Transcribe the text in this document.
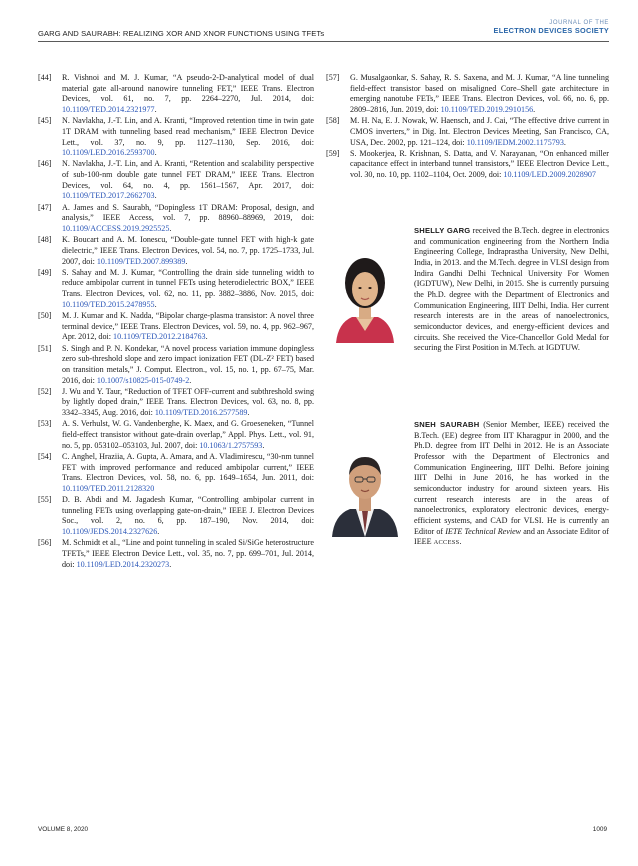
GARG AND SAURABH: REALIZING XOR AND XNOR FUNCTIONS USING TFETs
JOURNAL OF THE
ELECTRON DEVICES SOCIETY
[44] R. Vishnoi and M. J. Kumar, “A pseudo-2-D-analytical model of dual material gate all-around nanowire tunneling FET,” IEEE Trans. Electron Devices, vol. 61, no. 7, pp. 2264–2270, Jul. 2014, doi: 10.1109/TED.2014.2321977.
[45] N. Navlakha, J.-T. Lin, and A. Kranti, “Improved retention time in twin gate 1T DRAM with tunneling based read mechanism,” IEEE Electron Device Lett., vol. 37, no. 9, pp. 1127–1130, Sep. 2016, doi: 10.1109/LED.2016.2593700.
[46] N. Navlakha, J.-T. Lin, and A. Kranti, “Retention and scalability perspective of sub-100-nm double gate tunnel FET DRAM,” IEEE Trans. Electron Devices, vol. 64, no. 4, pp. 1561–1567, Apr. 2017, doi: 10.1109/TED.2017.2662703.
[47] A. James and S. Saurabh, “Dopingless 1T DRAM: Proposal, design, and analysis,” IEEE Access, vol. 7, pp. 88960–88969, 2019, doi: 10.1109/ACCESS.2019.2925525.
[48] K. Boucart and A. M. Ionescu, “Double-gate tunnel FET with high-k gate dielectric,” IEEE Trans. Electron Devices, vol. 54, no. 7, pp. 1725–1733, Jul. 2007, doi: 10.1109/TED.2007.899389.
[49] S. Sahay and M. J. Kumar, “Controlling the drain side tunneling width to reduce ambipolar current in tunnel FETs using heterodielectric BOX,” IEEE Trans. Electron Devices, vol. 62, no. 11, pp. 3882–3886, Nov. 2015, doi: 10.1109/TED.2015.2478955.
[50] M. J. Kumar and K. Nadda, “Bipolar charge-plasma transistor: A novel three terminal device,” IEEE Trans. Electron Devices, vol. 59, no. 4, pp. 962–967, Apr. 2012, doi: 10.1109/TED.2012.2184763.
[51] S. Singh and P. N. Kondekar, “A novel process variation immune dopingless zero sub-threshold slope and zero impact ionization FET (DL-Z² FET) based on transition metals,” J. Comput. Electron., vol. 15, no. 1, pp. 67–75, Mar. 2016, doi: 10.1007/s10825-015-0749-2.
[52] J. Wu and Y. Taur, “Reduction of TFET OFF-current and subthreshold swing by lightly doped drain,” IEEE Trans. Electron Devices, vol. 63, no. 8, pp. 3342–3345, Aug. 2016, doi: 10.1109/TED.2016.2577589.
[53] A. S. Verhulst, W. G. Vandenberghe, K. Maex, and G. Groeseneken, “Tunnel field-effect transistor without gate-drain overlap,” Appl. Phys. Lett., vol. 91, no. 5, pp. 053102–053103, Jul. 2007, doi: 10.1063/1.2757593.
[54] C. Anghel, Hraziia, A. Gupta, A. Amara, and A. Vladimirescu, “30-nm tunnel FET with improved performance and reduced ambipolar current,” IEEE Trans. Electron Devices, vol. 58, no. 6, pp. 1649–1654, Jun. 2011, doi: 10.1109/TED.2011.2128320
[55] D. B. Abdi and M. Jagadesh Kumar, “Controlling ambipolar current in tunneling FETs using overlapping gate-on-drain,” IEEE J. Electron Devices Soc., vol. 2, no. 6, pp. 187–190, Nov. 2014, doi: 10.1109/JEDS.2014.2327626.
[56] M. Schmidt et al., “Line and point tunneling in scaled Si/SiGe heterostructure TFETs,” IEEE Electron Device Lett., vol. 35, no. 7, pp. 699–701, Jul. 2014, doi: 10.1109/LED.2014.2320273.
[57] G. Musalgaonkar, S. Sahay, R. S. Saxena, and M. J. Kumar, “A line tunneling field-effect transistor based on misaligned Core–Shell gate architecture in emerging nanotube FETs,” IEEE Trans. Electron Devices, vol. 66, no. 6, pp. 2809–2816, Jun. 2019, doi: 10.1109/TED.2019.2910156.
[58] M. H. Na, E. J. Nowak, W. Haensch, and J. Cai, “The effective drive current in CMOS inverters,” in Dig. Int. Electron Devices Meeting, San Francisco, CA, USA, Dec. 2002, pp. 121–124, doi: 10.1109/IEDM.2002.1175793.
[59] S. Mookerjea, R. Krishnan, S. Datta, and V. Narayanan, “On enhanced miller capacitance effect in interband tunnel transistors,” IEEE Electron Device Lett., vol. 30, no. 10, pp. 1102–1104, Oct. 2009, doi: 10.1109/LED.2009.2028907
SHELLY GARG received the B.Tech. degree in electronics and communication engineering from the Northern India Engineering College, Indraprastha University, New Delhi, India, in 2013. and the M.Tech. degree in VLSI design from Indira Gandhi Delhi Technical University For Women (IGDTUW), New Delhi, in 2015. She is currently pursuing the Ph.D. degree with the Department of Electronics and Communication Engineering, IIIT Delhi, India. Her current research interests are in the areas of nanoelectronics, semiconductor devices, and energy-efficient devices and circuits. She received the Vice-Chancellor Gold Medal for securing the First Position in M.Tech. at IGDTUW.
SNEH SAURABH (Senior Member, IEEE) received the B.Tech. (EE) degree from IIT Kharagpur in 2000, and the Ph.D. degree from IIT Delhi in 2012. He is an Associate Professor with the Department of Electronics and Communication Engineering, IIIT Delhi. Before joining IIIT Delhi in June 2016, he has worked in the semiconductor industry for around sixteen years. His current research interests are in the areas of nanoelectronics, exploratory electronic devices, energy-efficient systems, and CAD for VLSI. He is currently an Editor of IETE Technical Review and an Associate Editor of IEEE ACCESS.
VOLUME 8, 2020	1009
